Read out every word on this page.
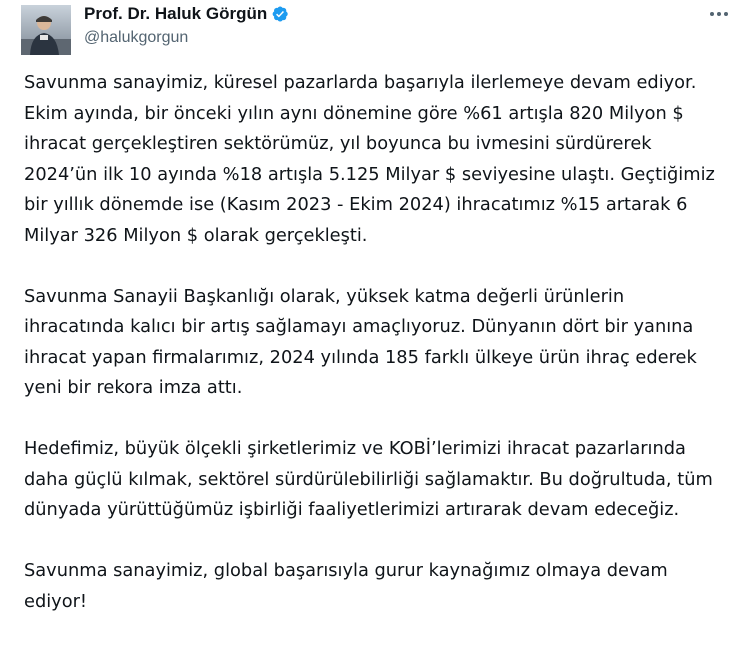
Prof. Dr. Haluk Görgün
@halukgorgun

Savunma sanayimiz, küresel pazarlarda başarıyla ilerlemeye devam ediyor.
Ekim ayında, bir önceki yılın aynı dönemine göre %61 artışla 820 Milyon $
ihracat gerçekleştiren sektörümüz, yıl boyunca bu ivmesini sürdürerek
2024’ün ilk 10 ayında %18 artışla 5.125 Milyar $ seviyesine ulaştı. Geçtiğimiz
bir yıllık dönemde ise (Kasım 2023 - Ekim 2024) ihracatımız %15 artarak 6
Milyar 326 Milyon $ olarak gerçekleşti.

Savunma Sanayii Başkanlığı olarak, yüksek katma değerli ürünlerin
ihracatında kalıcı bir artış sağlamayı amaçlıyoruz. Dünyanın dört bir yanına
ihracat yapan firmalarımız, 2024 yılında 185 farklı ülkeye ürün ihraç ederek
yeni bir rekora imza attı.

Hedefimiz, büyük ölçekli şirketlerimiz ve KOBİ’lerimizi ihracat pazarlarında
daha güçlü kılmak, sektörel sürdürülebilirliği sağlamaktır. Bu doğrultuda, tüm
dünyada yürüttüğümüz işbirliği faaliyetlerimizi artırarak devam edeceğiz.

Savunma sanayimiz, global başarısıyla gurur kaynağımız olmaya devam
ediyor!
